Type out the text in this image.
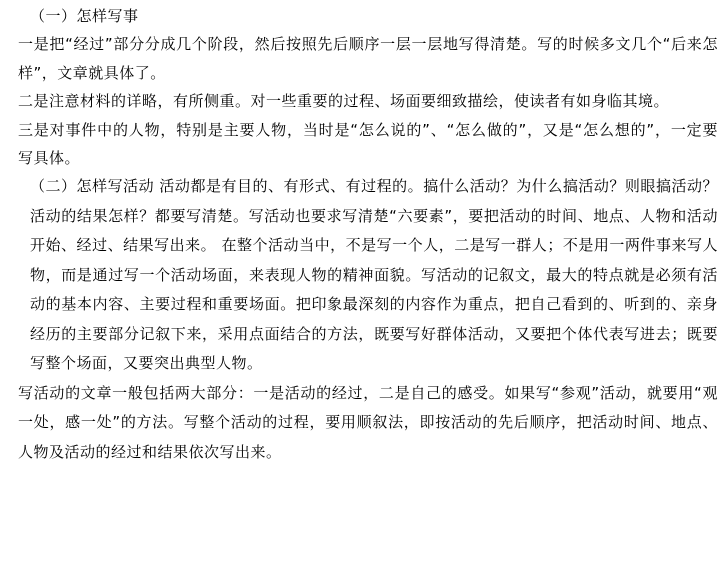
（一）怎样写事

一是把“经过”部分分成几个阶段，然后按照先后顺序一层一层地写得清楚。写的时候多文几个“后来怎样”，文章就具体了。

二是注意材料的详略，有所侧重。对一些重要的过程、场面要细致描绘，使读者有如身临其境。

三是对事件中的人物，特别是主要人物，当时是“怎么说的”、“怎么做的”，又是“怎么想的”，一定要写具体。

（二）怎样写活动 活动都是有目的、有形式、有过程的。搞什么活动？为什么搞活动？则眼搞活动？活动的结果怎样？都要写清楚。写活动也要求写清楚“六要素”，要把活动的时间、地点、人物和活动开始、经过、结果写出来。 在整个活动当中，不是写一个人，二是写一群人；不是用一两件事来写人物，而是通过写一个活动场面，来表现人物的精神面貌。写活动的记叙文，最大的特点就是必须有活动的基本内容、主要过程和重要场面。把印象最深刻的内容作为重点，把自己看到的、听到的、亲身经历的主要部分记叙下来，采用点面结合的方法，既要写好群体活动，又要把个体代表写进去；既要写整个场面，又要突出典型人物。

写活动的文章一般包括两大部分：一是活动的经过，二是自己的感受。如果写“参观”活动，就要用“观一处，感一处”的方法。写整个活动的过程，要用顺叙法，即按活动的先后顺序，把活动时间、地点、人物及活动的经过和结果依次写出来。
